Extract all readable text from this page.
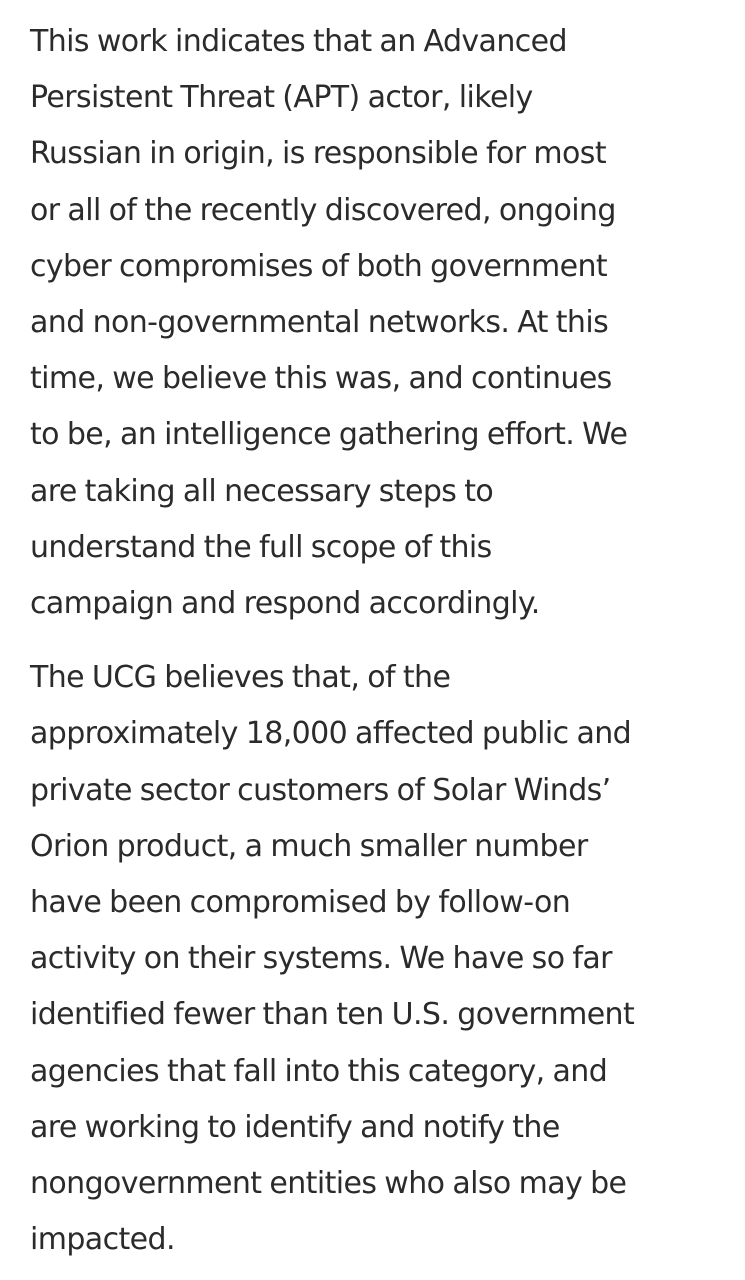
This work indicates that an Advanced
Persistent Threat (APT) actor, likely
Russian in origin, is responsible for most
or all of the recently discovered, ongoing
cyber compromises of both government
and non-governmental networks. At this
time, we believe this was, and continues
to be, an intelligence gathering effort. We
are taking all necessary steps to
understand the full scope of this
campaign and respond accordingly.

The UCG believes that, of the
approximately 18,000 affected public and
private sector customers of Solar Winds’
Orion product, a much smaller number
have been compromised by follow-on
activity on their systems. We have so far
identified fewer than ten U.S. government
agencies that fall into this category, and
are working to identify and notify the
nongovernment entities who also may be
impacted.
